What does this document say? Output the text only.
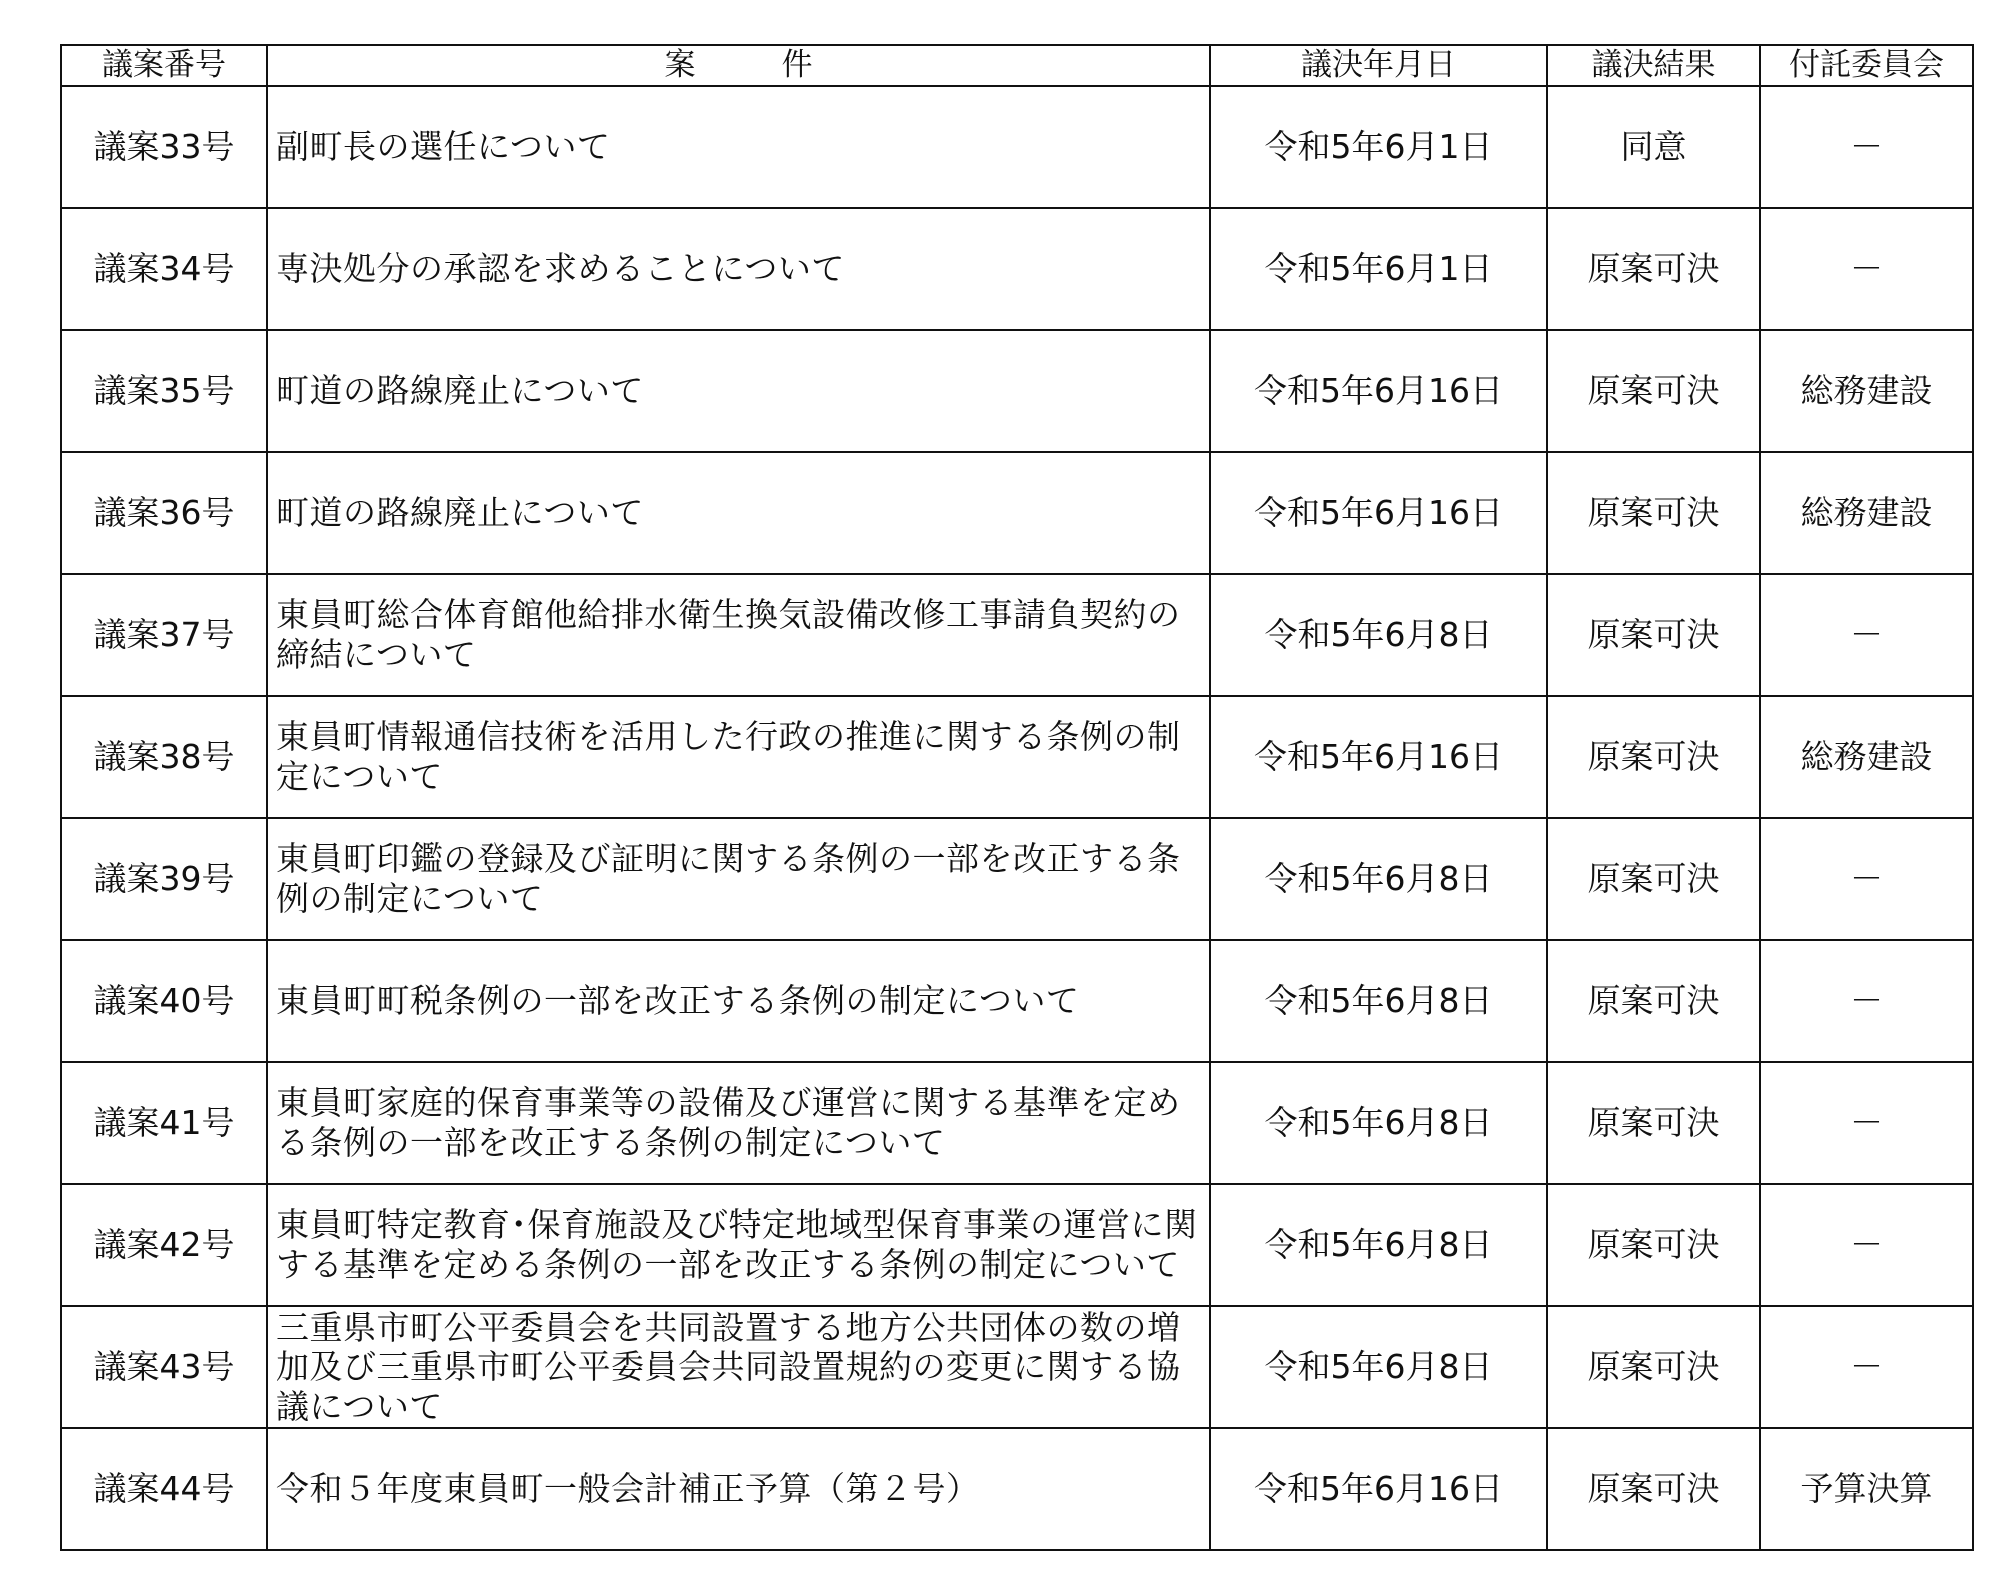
議案番号	案件	議決年月日	議決結果	付託委員会
議案33号	副町長の選任について	令和5年6月1日	同意	－
議案34号	専決処分の承認を求めることについて	令和5年6月1日	原案可決	－
議案35号	町道の路線廃止について	令和5年6月16日	原案可決	総務建設
議案36号	町道の路線廃止について	令和5年6月16日	原案可決	総務建設
議案37号	東員町総合体育館他給排水衛生換気設備改修工事請負契約の締結について	令和5年6月8日	原案可決	－
議案38号	東員町情報通信技術を活用した行政の推進に関する条例の制定について	令和5年6月16日	原案可決	総務建設
議案39号	東員町印鑑の登録及び証明に関する条例の一部を改正する条例の制定について	令和5年6月8日	原案可決	－
議案40号	東員町町税条例の一部を改正する条例の制定について	令和5年6月8日	原案可決	－
議案41号	東員町家庭的保育事業等の設備及び運営に関する基準を定める条例の一部を改正する条例の制定について	令和5年6月8日	原案可決	－
議案42号	東員町特定教育･保育施設及び特定地域型保育事業の運営に関する基準を定める条例の一部を改正する条例の制定について	令和5年6月8日	原案可決	－
議案43号	三重県市町公平委員会を共同設置する地方公共団体の数の増加及び三重県市町公平委員会共同設置規約の変更に関する協議について	令和5年6月8日	原案可決	－
議案44号	令和５年度東員町一般会計補正予算（第２号）	令和5年6月16日	原案可決	予算決算
